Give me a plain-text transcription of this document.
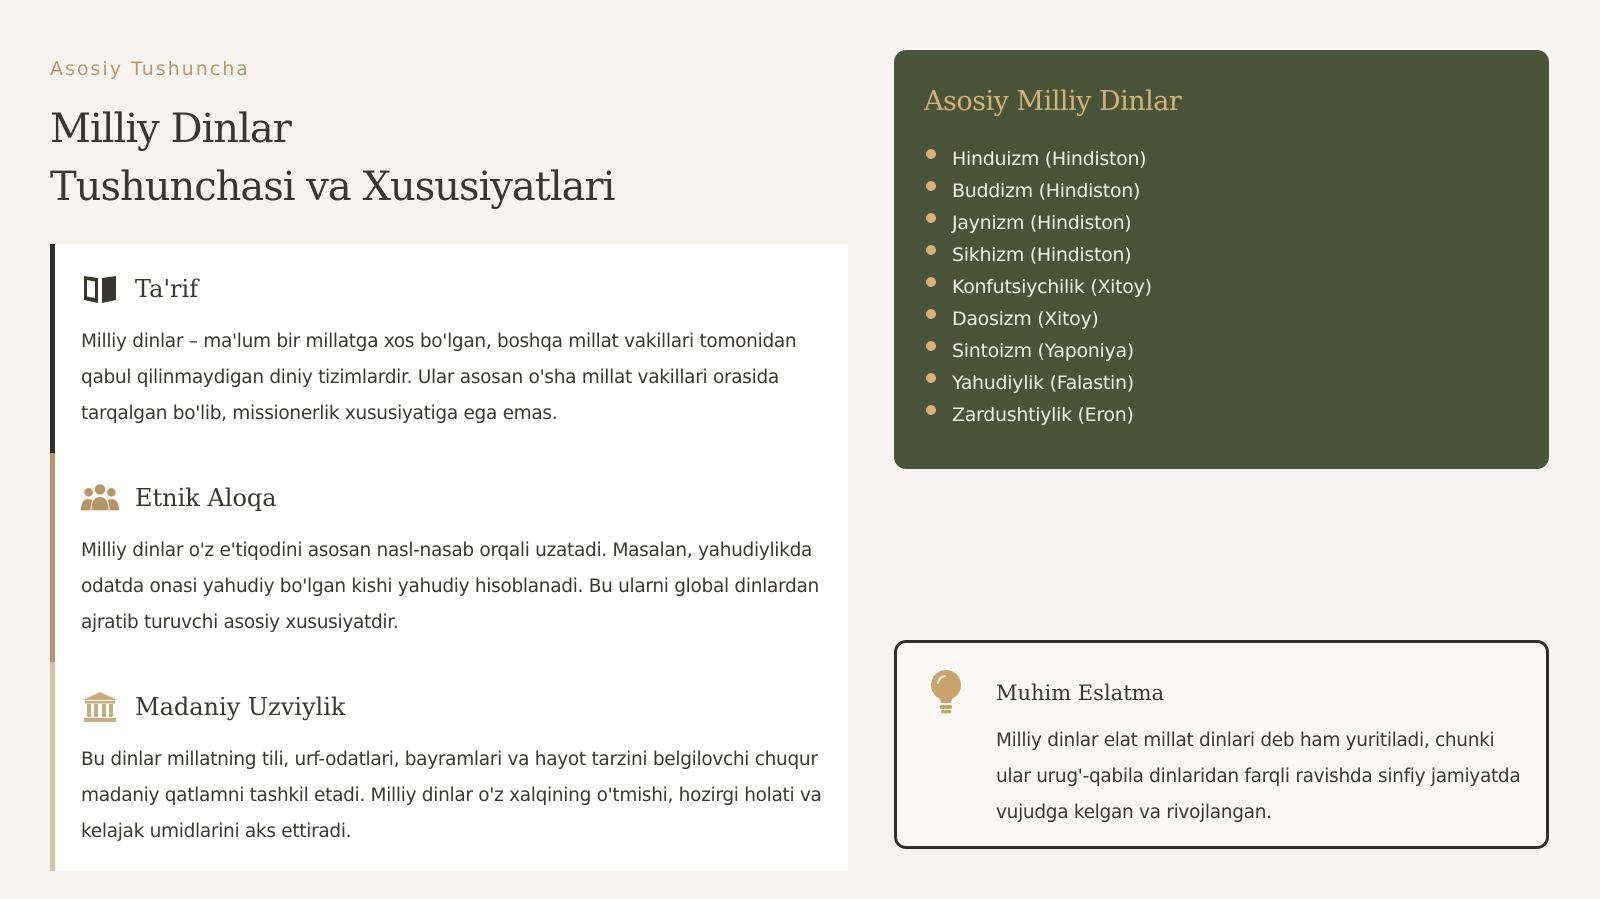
Asosiy Tushuncha
Milliy Dinlar
Tushunchasi va Xususiyatlari
Ta'rif
Milliy dinlar – ma'lum bir millatga xos bo'lgan, boshqa millat vakillari tomonidan qabul qilinmaydigan diniy tizimlardir. Ular asosan o'sha millat vakillari orasida tarqalgan bo'lib, missionerlik xususiyatiga ega emas.
Etnik Aloqa
Milliy dinlar o'z e'tiqodini asosan nasl-nasab orqali uzatadi. Masalan, yahudiylikda odatda onasi yahudiy bo'lgan kishi yahudiy hisoblanadi. Bu ularni global dinlardan ajratib turuvchi asosiy xususiyatdir.
Madaniy Uzviylik
Bu dinlar millatning tili, urf-odatlari, bayramlari va hayot tarzini belgilovchi chuqur madaniy qatlamni tashkil etadi. Milliy dinlar o'z xalqining o'tmishi, hozirgi holati va kelajak umidlarini aks ettiradi.
Asosiy Milliy Dinlar
Hinduizm (Hindiston)
Buddizm (Hindiston)
Jaynizm (Hindiston)
Sikhizm (Hindiston)
Konfutsiychilik (Xitoy)
Daosizm (Xitoy)
Sintoizm (Yaponiya)
Yahudiylik (Falastin)
Zardushtiylik (Eron)
Muhim Eslatma
Milliy dinlar elat millat dinlari deb ham yuritiladi, chunki ular urug'-qabila dinlaridan farqli ravishda sinfiy jamiyatda vujudga kelgan va rivojlangan.
